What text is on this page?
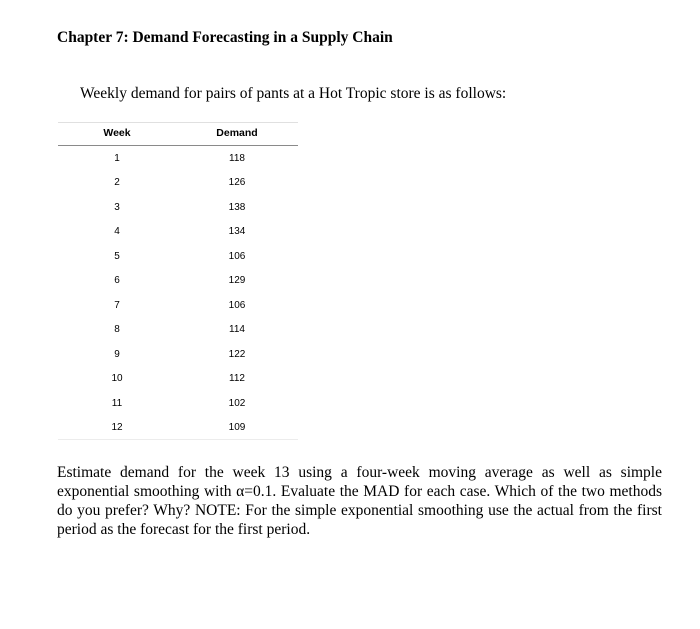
Chapter 7: Demand Forecasting in a Supply Chain

Weekly demand for pairs of pants at a Hot Tropic store is as follows:

Week	Demand
1	118
2	126
3	138
4	134
5	106
6	129
7	106
8	114
9	122
10	112
11	102
12	109

Estimate demand for the week 13 using a four-week moving average as well as simple exponential smoothing with α=0.1. Evaluate the MAD for each case. Which of the two methods do you prefer? Why? NOTE: For the simple exponential smoothing use the actual from the first period as the forecast for the first period.
